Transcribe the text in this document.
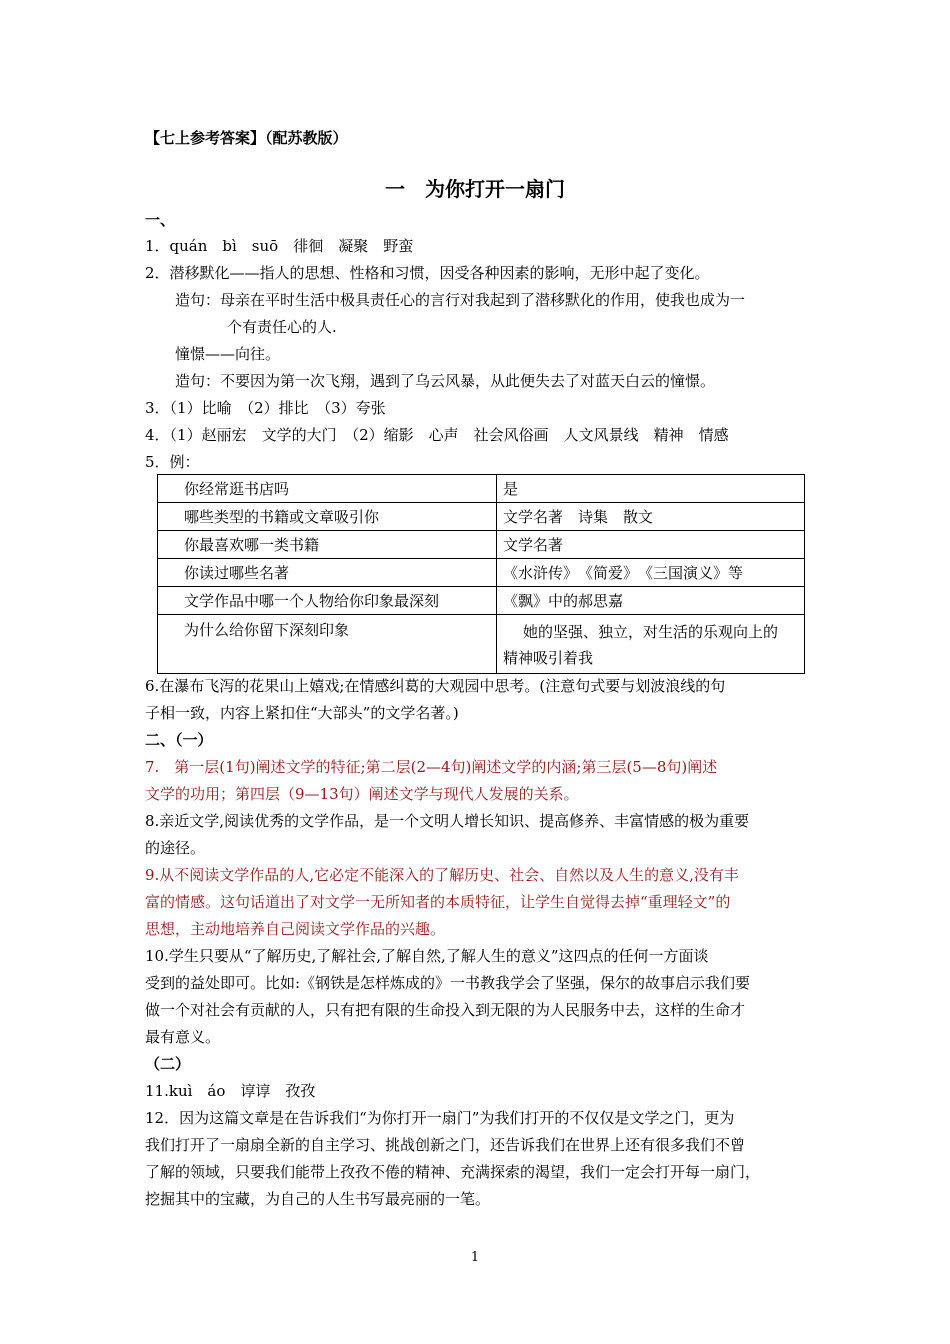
【七上参考答案】（配苏教版）
一　为你打开一扇门
一、
1．quán　bì　suō　徘徊　凝聚　野蛮
2．潜移默化——指人的思想、性格和习惯，因受各种因素的影响，无形中起了变化。
造句：母亲在平时生活中极具责任心的言行对我起到了潜移默化的作用，使我也成为一
个有责任心的人.
憧憬——向往。
造句：不要因为第一次飞翔，遇到了乌云风暴，从此便失去了对蓝天白云的憧憬。
3．（1）比喻　（2）排比　（3）夸张
4．（1）赵丽宏　文学的大门　（2）缩影　心声　社会风俗画　人文风景线　精神　情感
5．例：
你经常逛书店吗	是
哪些类型的书籍或文章吸引你	文学名著　诗集　散文
你最喜欢哪一类书籍	文学名著
你读过哪些名著	《水浒传》　《简爱》　《三国演义》等
文学作品中哪一个人物给你印象最深刻	《飘》中的郝思嘉
为什么给你留下深刻印象	她的坚强、独立，对生活的乐观向上的
精神吸引着我
6.在瀑布飞泻的花果山上嬉戏;在情感纠葛的大观园中思考。(注意句式要与划波浪线的句
子相一致，内容上紧扣住“大部头”的文学名著。)
二、（一）
7.　第一层(1句)阐述文学的特征;第二层(2—4句)阐述文学的内涵;第三层(5—8句)阐述
文学的功用；第四层（9—13句）阐述文学与现代人发展的关系。
8.亲近文学,阅读优秀的文学作品，是一个文明人增长知识、提高修养、丰富情感的极为重要
的途径。
9.从不阅读文学作品的人,它必定不能深入的了解历史、社会、自然以及人生的意义,没有丰
富的情感。这句话道出了对文学一无所知者的本质特征，让学生自觉得去掉“重理轻文”的
思想，主动地培养自己阅读文学作品的兴趣。
10.学生只要从“了解历史,了解社会,了解自然,了解人生的意义”这四点的任何一方面谈
受到的益处即可。比如:《钢铁是怎样炼成的》一书教我学会了坚强，保尔的故事启示我们要
做一个对社会有贡献的人，只有把有限的生命投入到无限的为人民服务中去，这样的生命才
最有意义。
（二）
11.kuì　áo　谆谆　孜孜
12．因为这篇文章是在告诉我们“为你打开一扇门”为我们打开的不仅仅是文学之门，更为
我们打开了一扇扇全新的自主学习、挑战创新之门，还告诉我们在世界上还有很多我们不曾
了解的领域，只要我们能带上孜孜不倦的精神、充满探索的渴望，我们一定会打开每一扇门，
挖掘其中的宝藏，为自己的人生书写最亮丽的一笔。
1
